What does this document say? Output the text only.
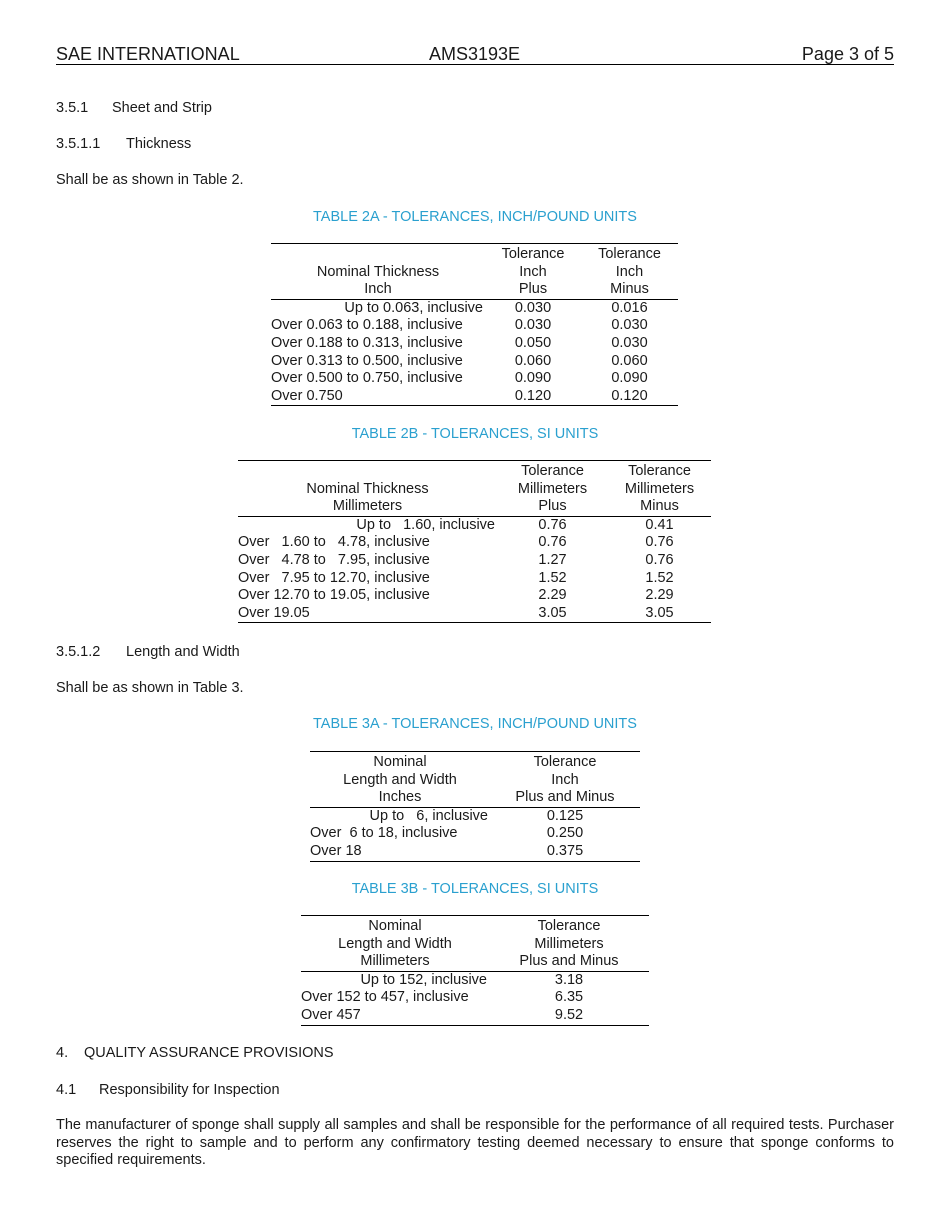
SAE INTERNATIONAL	AMS3193E	Page 3 of 5
3.5.1 Sheet and Strip
3.5.1.1 Thickness
Shall be as shown in Table 2.
TABLE 2A - TOLERANCES, INCH/POUND UNITS
	Tolerance	Tolerance
Nominal Thickness	Inch	Inch
Inch	Plus	Minus
Up to 0.063, inclusive	0.030	0.016
Over 0.063 to 0.188, inclusive	0.030	0.030
Over 0.188 to 0.313, inclusive	0.050	0.030
Over 0.313 to 0.500, inclusive	0.060	0.060
Over 0.500 to 0.750, inclusive	0.090	0.090
Over 0.750	0.120	0.120
TABLE 2B - TOLERANCES, SI UNITS
	Tolerance	Tolerance
Nominal Thickness	Millimeters	Millimeters
Millimeters	Plus	Minus
Up to   1.60, inclusive	0.76	0.41
Over   1.60 to   4.78, inclusive	0.76	0.76
Over   4.78 to   7.95, inclusive	1.27	0.76
Over   7.95 to 12.70, inclusive	1.52	1.52
Over 12.70 to 19.05, inclusive	2.29	2.29
Over 19.05	3.05	3.05
3.5.1.2 Length and Width
Shall be as shown in Table 3.
TABLE 3A - TOLERANCES, INCH/POUND UNITS
Nominal	Tolerance
Length and Width	Inch
Inches	Plus and Minus
Up to   6, inclusive	0.125
Over  6 to 18, inclusive	0.250
Over 18	0.375
TABLE 3B - TOLERANCES, SI UNITS
Nominal	Tolerance
Length and Width	Millimeters
Millimeters	Plus and Minus
Up to 152, inclusive	3.18
Over 152 to 457, inclusive	6.35
Over 457	9.52
4. QUALITY ASSURANCE PROVISIONS
4.1 Responsibility for Inspection
The manufacturer of sponge shall supply all samples and shall be responsible for the performance of all required tests. Purchaser reserves the right to sample and to perform any confirmatory testing deemed necessary to ensure that sponge conforms to specified requirements.
